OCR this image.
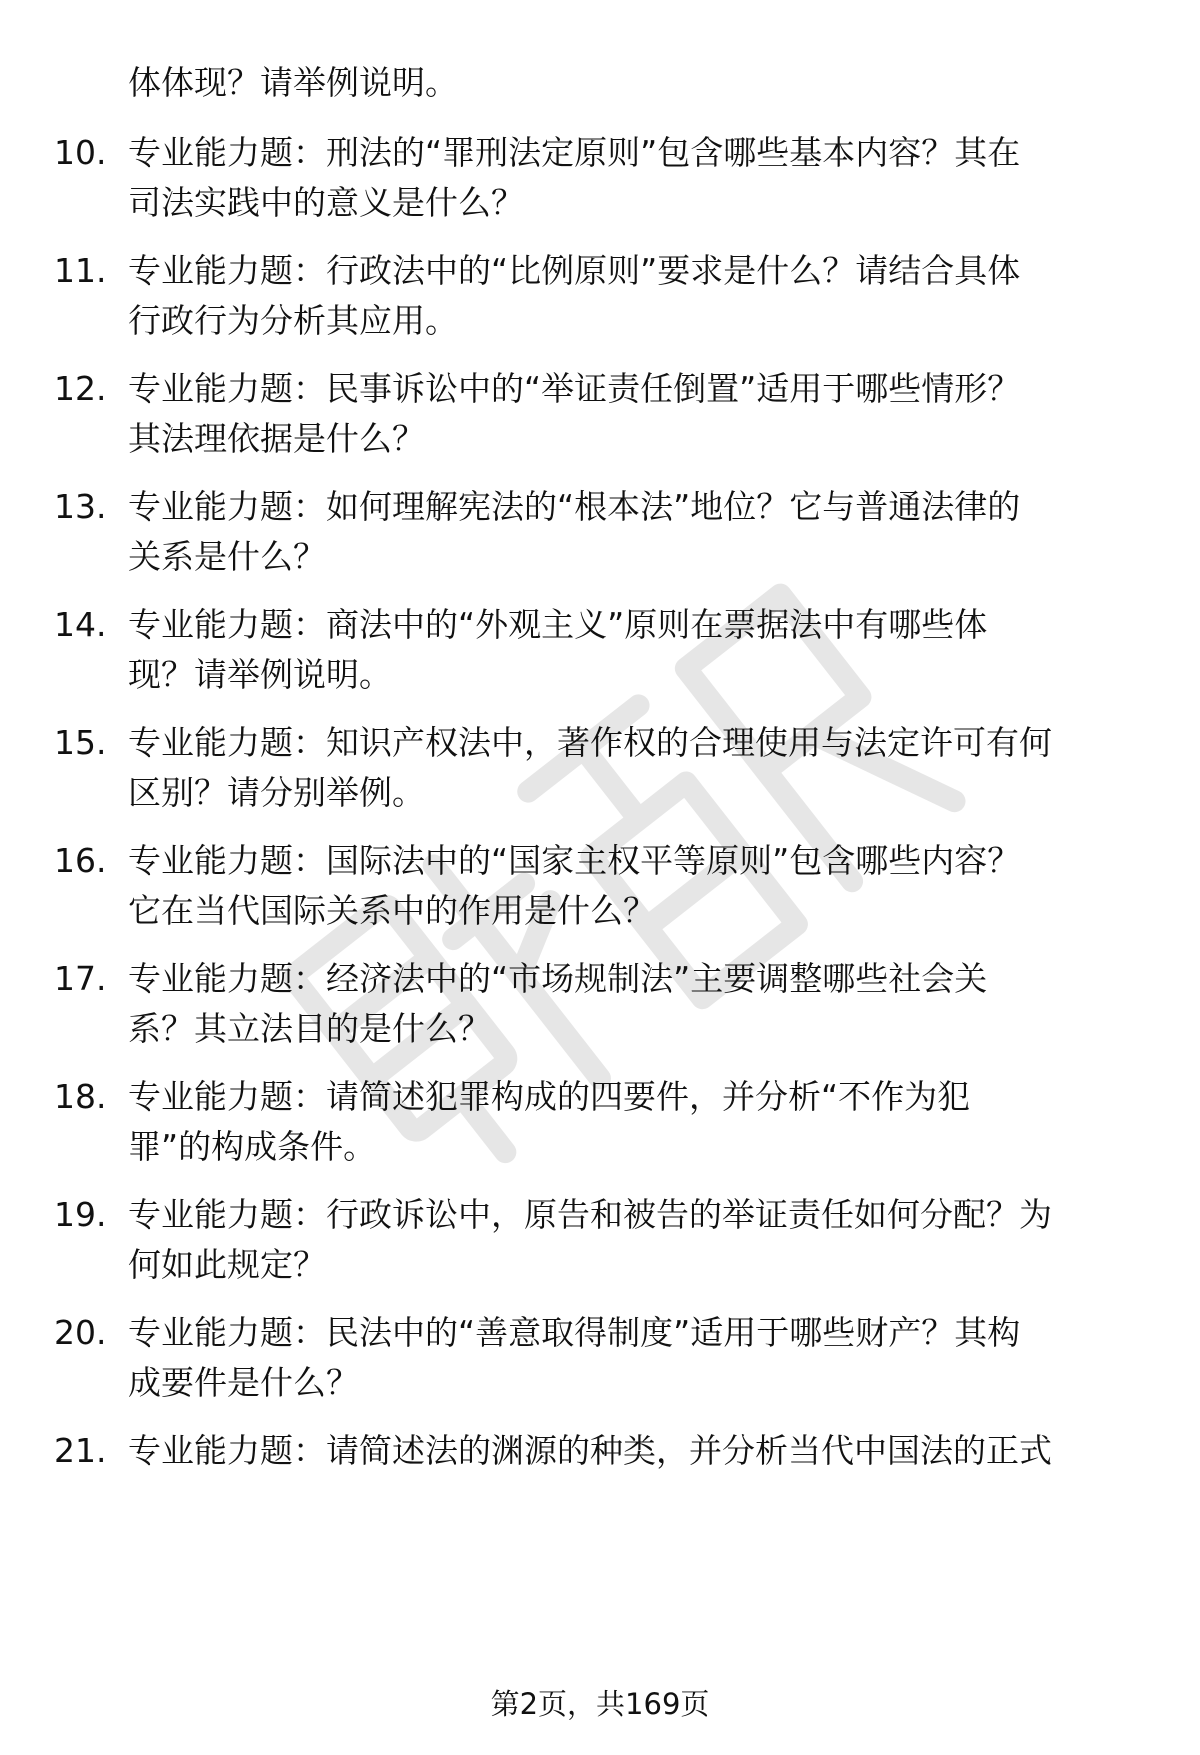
体体现？请举例说明。
10. 专业能力题：刑法的“罪刑法定原则”包含哪些基本内容？其在
司法实践中的意义是什么？
11. 专业能力题：行政法中的“比例原则”要求是什么？请结合具体
行政行为分析其应用。
12. 专业能力题：民事诉讼中的“举证责任倒置”适用于哪些情形？
其法理依据是什么？
13. 专业能力题：如何理解宪法的“根本法”地位？它与普通法律的
关系是什么？
14. 专业能力题：商法中的“外观主义”原则在票据法中有哪些体
现？请举例说明。
15. 专业能力题：知识产权法中，著作权的合理使用与法定许可有何
区别？请分别举例。
16. 专业能力题：国际法中的“国家主权平等原则”包含哪些内容？
它在当代国际关系中的作用是什么？
17. 专业能力题：经济法中的“市场规制法”主要调整哪些社会关
系？其立法目的是什么？
18. 专业能力题：请简述犯罪构成的四要件，并分析“不作为犯
罪”的构成条件。
19. 专业能力题：行政诉讼中，原告和被告的举证责任如何分配？为
何如此规定？
20. 专业能力题：民法中的“善意取得制度”适用于哪些财产？其构
成要件是什么？
21. 专业能力题：请简述法的渊源的种类，并分析当代中国法的正式
第2页，共169页
